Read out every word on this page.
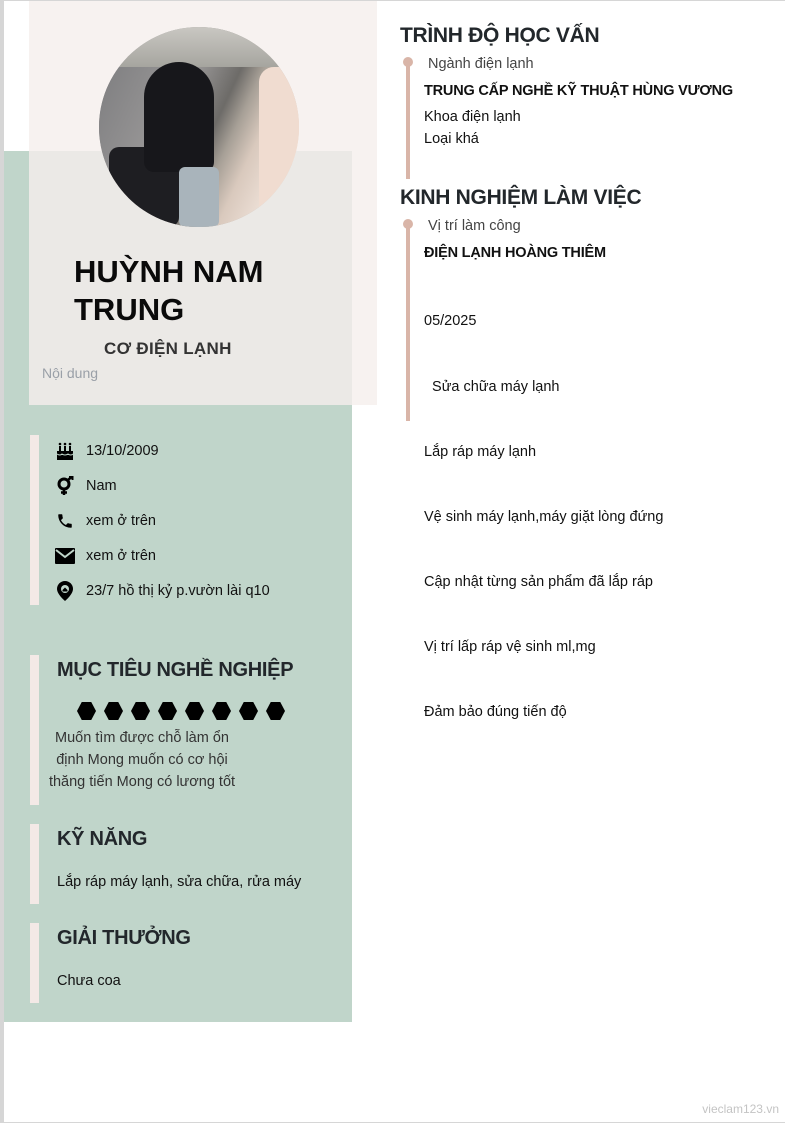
HUỲNH NAM TRUNG
CƠ ĐIỆN LẠNH
Nội dung
13/10/2009
Nam
xem ở trên
xem ở trên
23/7 hồ thị kỷ p.vườn lài q10
MỤC TIÊU NGHỀ NGHIỆP
Muốn tìm được chỗ làm ổn
định Mong muốn có cơ hội
thăng tiến Mong có lương tốt
KỸ NĂNG
Lắp ráp máy lạnh, sửa chữa, rửa máy
GIẢI THƯỞNG
Chưa coa
TRÌNH ĐỘ HỌC VẤN
Ngành điện lạnh
TRUNG CẤP NGHỀ KỸ THUẬT HÙNG VƯƠNG
Khoa điện lạnh
Loại khá
KINH NGHIỆM LÀM VIỆC
Vị trí làm công
ĐIỆN LẠNH HOÀNG THIÊM

05/2025

Sửa chữa máy lạnh

Lắp ráp máy lạnh

Vệ sinh máy lạnh,máy giặt lòng đứng

Cập nhật từng sản phẩm đã lắp ráp

Vị trí lấp ráp vệ sinh ml,mg

Đảm bảo đúng tiến độ

vieclam123.vn
